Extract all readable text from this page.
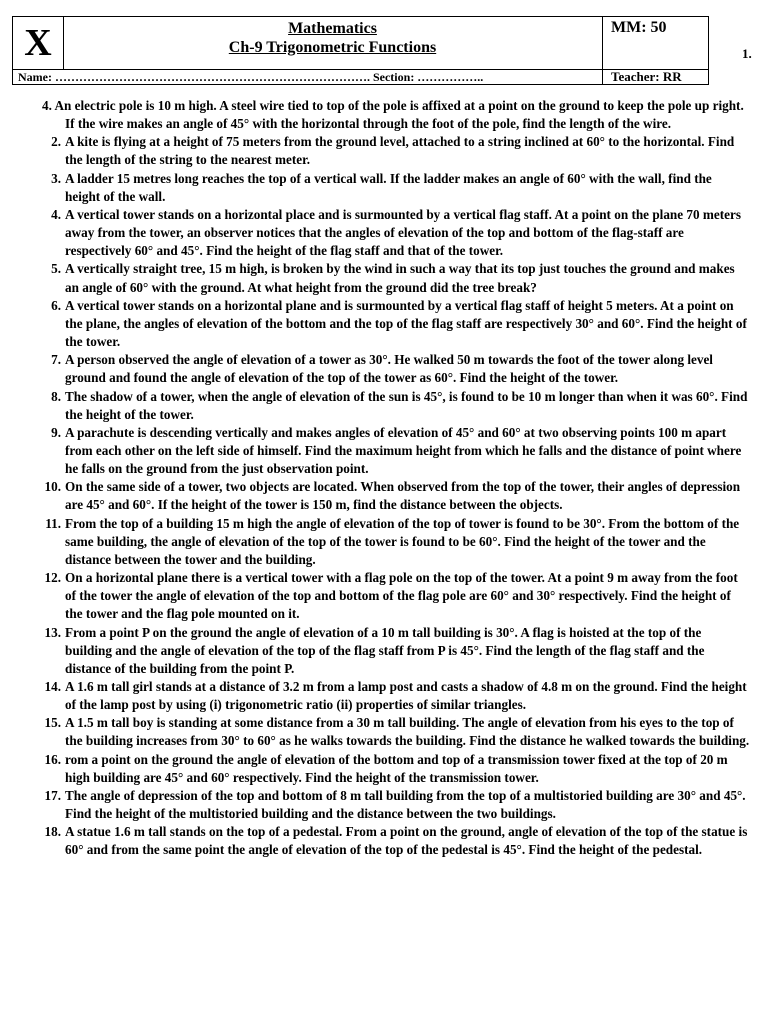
X	Mathematics
Ch-9 Trigonometric Functions
MM: 50
Name: ……………………………………………………………………. Section: ……………..	Teacher: RR
1.
4. An electric pole is 10 m high. A steel wire tied to top of the pole is affixed at a point on the ground to keep the pole up right. If the wire makes an angle of 45° with the horizontal through the foot of the pole, find the length of the wire.
2. A kite is flying at a height of 75 meters from the ground level, attached to a string inclined at 60° to the horizontal. Find the length of the string to the nearest meter.
3. A ladder 15 metres long reaches the top of a vertical wall. If the ladder makes an angle of 60° with the wall, find the height of the wall.
4. A vertical tower stands on a horizontal place and is surmounted by a vertical flag staff. At a point on the plane 70 meters away from the tower, an observer notices that the angles of elevation of the top and bottom of the flag-staff are respectively 60° and 45°. Find the height of the flag staff and that of the tower.
5. A vertically straight tree, 15 m high, is broken by the wind in such a way that its top just touches the ground and makes an angle of 60° with the ground. At what height from the ground did the tree break?
6. A vertical tower stands on a horizontal plane and is surmounted by a vertical flag staff of height 5 meters. At a point on the plane, the angles of elevation of the bottom and the top of the flag staff are respectively 30° and 60°. Find the height of the tower.
7. A person observed the angle of elevation of a tower as 30°. He walked 50 m towards the foot of the tower along level ground and found the angle of elevation of the top of the tower as 60°. Find the height of the tower.
8. The shadow of a tower, when the angle of elevation of the sun is 45°, is found to be 10 m longer than when it was 60°. Find the height of the tower.
9. A parachute is descending vertically and makes angles of elevation of 45° and 60° at two observing points 100 m apart from each other on the left side of himself. Find the maximum height from which he falls and the distance of point where he falls on the ground from the just observation point.
10. On the same side of a tower, two objects are located. When observed from the top of the tower, their angles of depression are 45° and 60°. If the height of the tower is 150 m, find the distance between the objects.
11. From the top of a building 15 m high the angle of elevation of the top of tower is found to be 30°. From the bottom of the same building, the angle of elevation of the top of the tower is found to be 60°. Find the height of the tower and the distance between the tower and the building.
12. On a horizontal plane there is a vertical tower with a flag pole on the top of the tower. At a point 9 m away from the foot of the tower the angle of elevation of the top and bottom of the flag pole are 60° and 30° respectively. Find the height of the tower and the flag pole mounted on it.
13. From a point P on the ground the angle of elevation of a 10 m tall building is 30°. A flag is hoisted at the top of the building and the angle of elevation of the top of the flag staff from P is 45°. Find the length of the flag staff and the distance of the building from the point P.
14. A 1.6 m tall girl stands at a distance of 3.2 m from a lamp post and casts a shadow of 4.8 m on the ground. Find the height of the lamp post by using (i) trigonometric ratio (ii) properties of similar triangles.
15. A 1.5 m tall boy is standing at some distance from a 30 m tall building. The angle of elevation from his eyes to the top of the building increases from 30° to 60° as he walks towards the building. Find the distance he walked towards the building.
16. rom a point on the ground the angle of elevation of the bottom and top of a transmission tower fixed at the top of 20 m high building are 45° and 60° respectively. Find the height of the transmission tower.
17. The angle of depression of the top and bottom of 8 m tall building from the top of a multistoried building are 30° and 45°. Find the height of the multistoried building and the distance between the two buildings.
18. A statue 1.6 m tall stands on the top of a pedestal. From a point on the ground, angle of elevation of the top of the statue is 60° and from the same point the angle of elevation of the top of the pedestal is 45°. Find the height of the pedestal.
